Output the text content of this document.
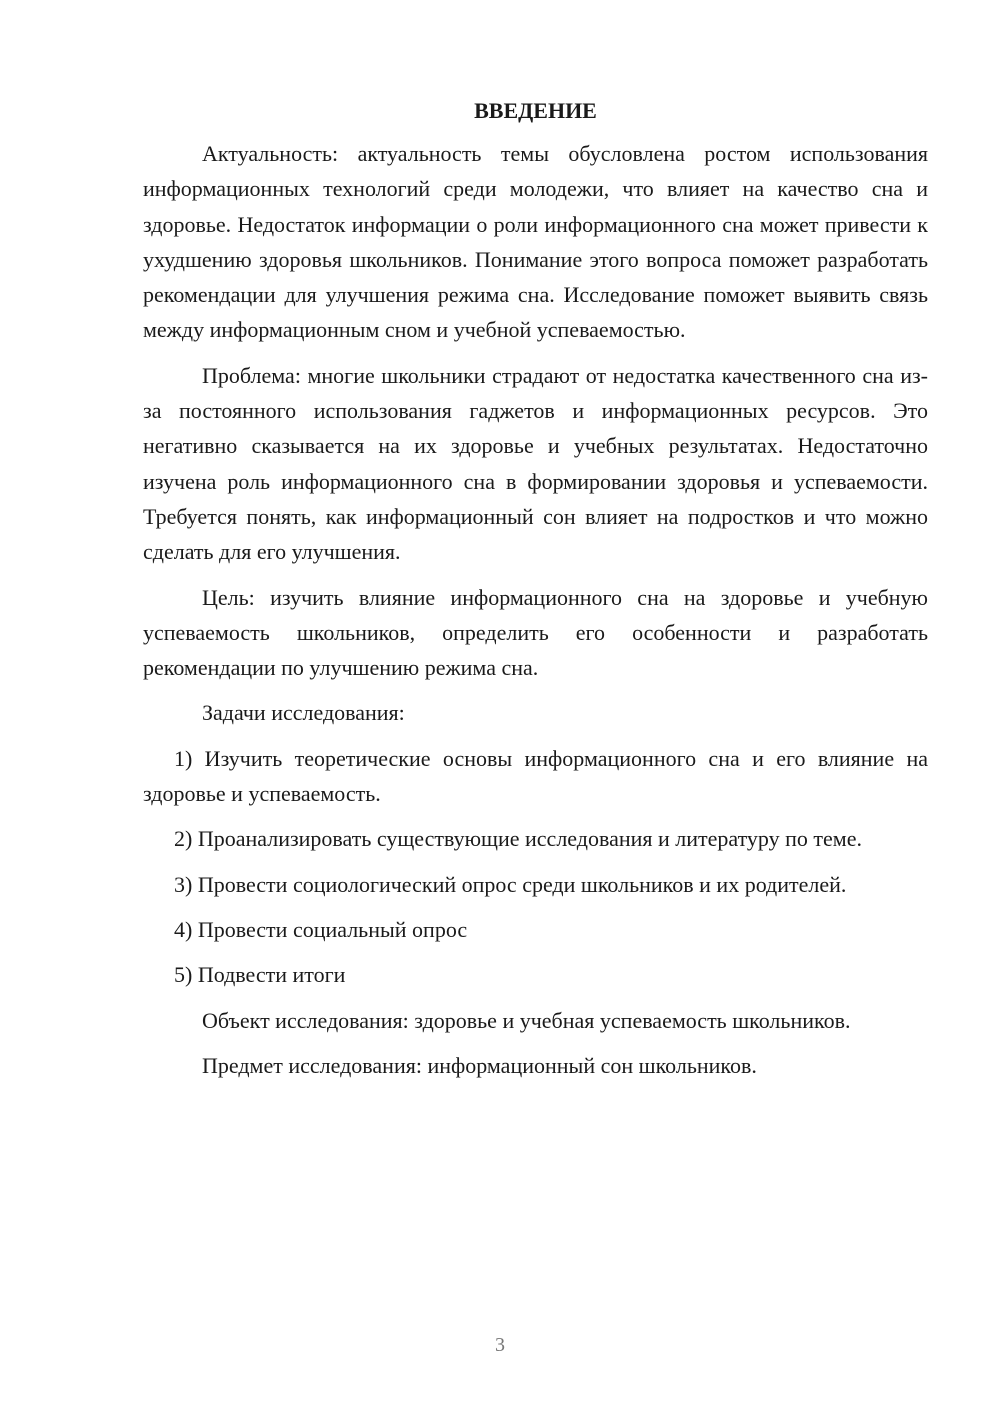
ВВЕДЕНИЕ

Актуальность: актуальность темы обусловлена ростом использования информационных технологий среди молодежи, что влияет на качество сна и здоровье. Недостаток информации о роли информационного сна может привести к ухудшению здоровья школьников. Понимание этого вопроса поможет разработать рекомендации для улучшения режима сна. Исследование поможет выявить связь между информационным сном и учебной успеваемостью.

Проблема: многие школьники страдают от недостатка качественного сна из-за постоянного использования гаджетов и информационных ресурсов. Это негативно сказывается на их здоровье и учебных результатах. Недостаточно изучена роль информационного сна в формировании здоровья и успеваемости. Требуется понять, как информационный сон влияет на подростков и что можно сделать для его улучшения.

Цель: изучить влияние информационного сна на здоровье и учебную успеваемость школьников, определить его особенности и разработать рекомендации по улучшению режима сна.

Задачи исследования:

1) Изучить теоретические основы информационного сна и его влияние на здоровье и успеваемость.

2) Проанализировать существующие исследования и литературу по теме.

3) Провести социологический опрос среди школьников и их родителей.

4) Провести социальный опрос

5) Подвести итоги

Объект исследования: здоровье и учебная успеваемость школьников.

Предмет исследования: информационный сон школьников.

3
